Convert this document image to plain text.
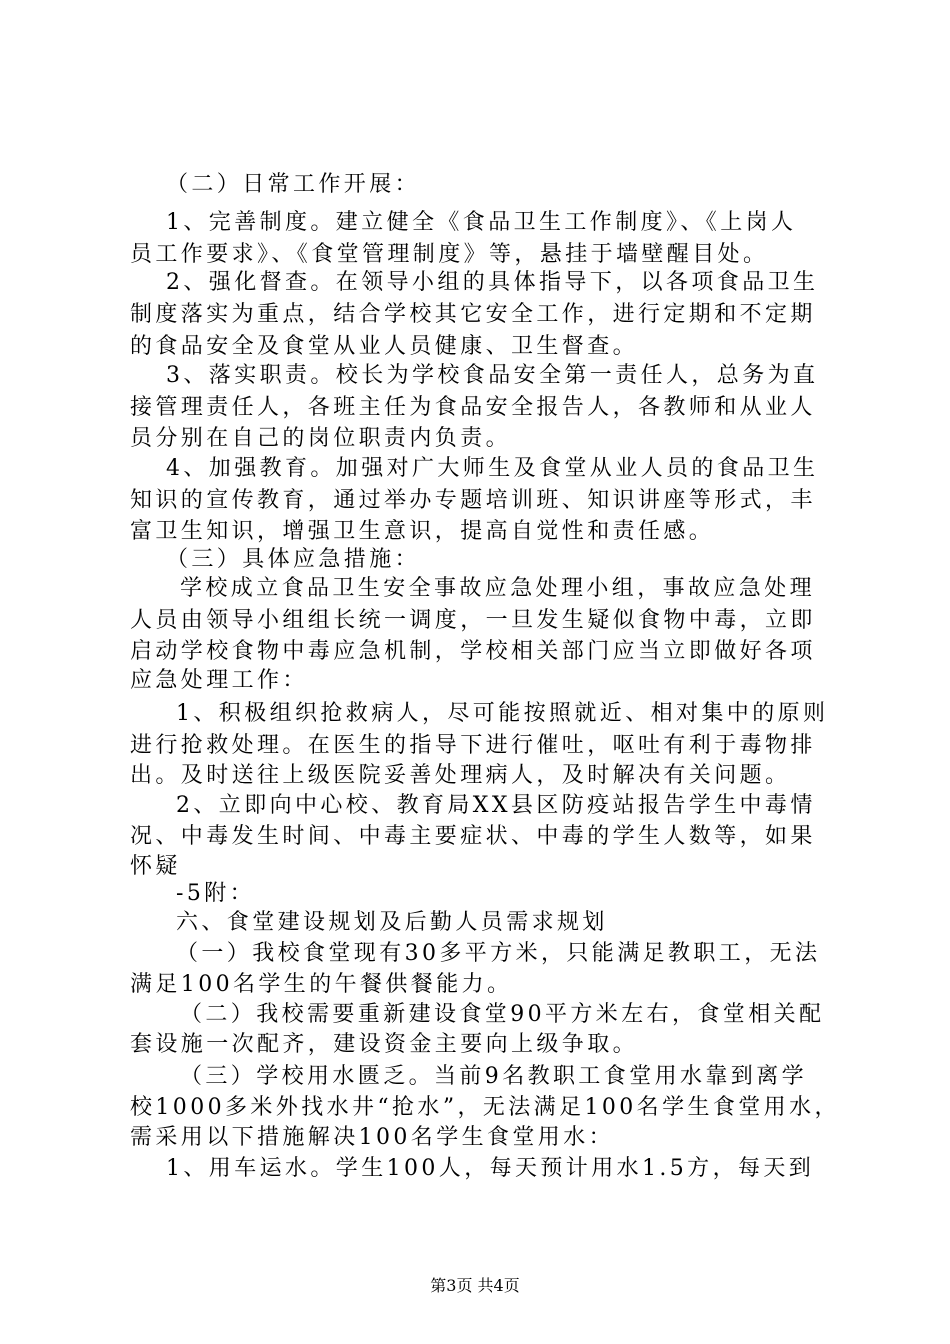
（二）日常工作开展：
1、完善制度。建立健全《食品卫生工作制度》、《上岗人
员工作要求》、《食堂管理制度》等，悬挂于墙壁醒目处。
2、强化督查。在领导小组的具体指导下，以各项食品卫生
制度落实为重点，结合学校其它安全工作，进行定期和不定期
的食品安全及食堂从业人员健康、卫生督查。
3、落实职责。校长为学校食品安全第一责任人，总务为直
接管理责任人，各班主任为食品安全报告人，各教师和从业人
员分别在自己的岗位职责内负责。
4、加强教育。加强对广大师生及食堂从业人员的食品卫生
知识的宣传教育，通过举办专题培训班、知识讲座等形式，丰
富卫生知识，增强卫生意识，提高自觉性和责任感。
（三）具体应急措施：
学校成立食品卫生安全事故应急处理小组，事故应急处理
人员由领导小组组长统一调度，一旦发生疑似食物中毒，立即
启动学校食物中毒应急机制，学校相关部门应当立即做好各项
应急处理工作：
1、积极组织抢救病人，尽可能按照就近、相对集中的原则
进行抢救处理。在医生的指导下进行催吐，呕吐有利于毒物排
出。及时送往上级医院妥善处理病人，及时解决有关问题。
2、立即向中心校、教育局XX县区防疫站报告学生中毒情
况、中毒发生时间、中毒主要症状、中毒的学生人数等，如果
怀疑
-5附：
六、食堂建设规划及后勤人员需求规划
（一）我校食堂现有30多平方米，只能满足教职工，无法
满足100名学生的午餐供餐能力。
（二）我校需要重新建设食堂90平方米左右，食堂相关配
套设施一次配齐，建设资金主要向上级争取。
（三）学校用水匮乏。当前9名教职工食堂用水靠到离学
校1000多米外找水井“抢水”，无法满足100名学生食堂用水，
需采用以下措施解决100名学生食堂用水：
1、用车运水。学生100人，每天预计用水1.5方，每天到
第3页 共4页
